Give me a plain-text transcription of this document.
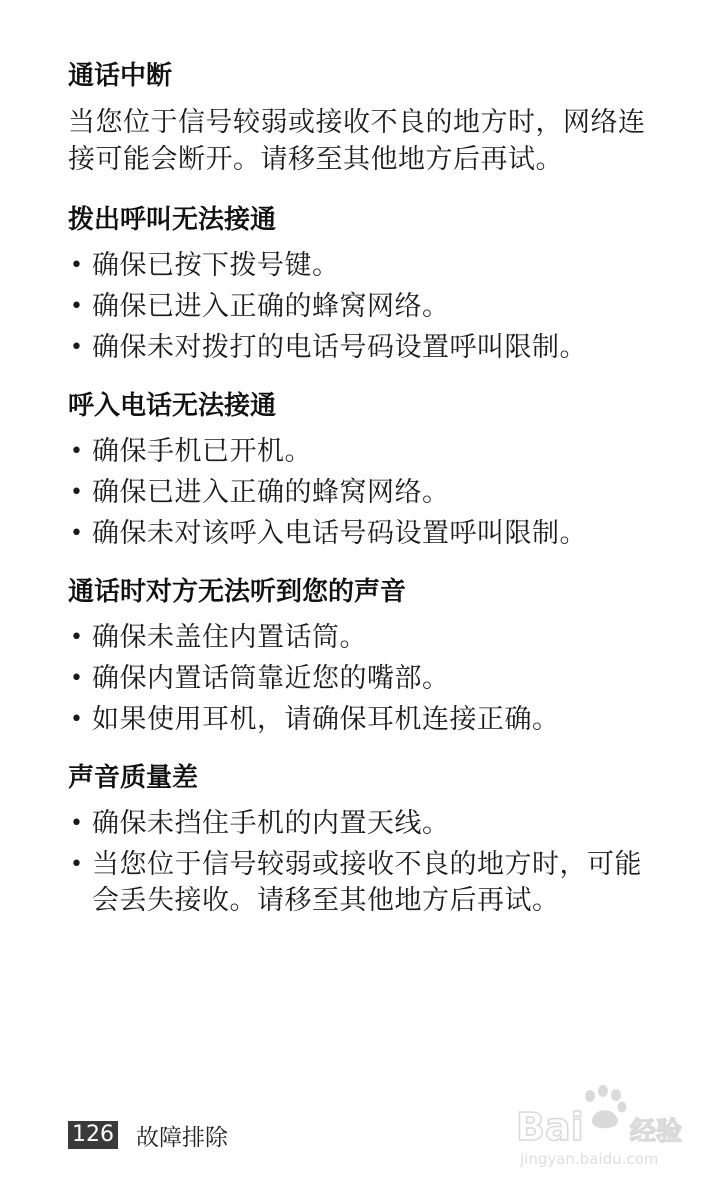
通话中断

当您位于信号较弱或接收不良的地方时，网络连接可能会断开。请移至其他地方后再试。

拨出呼叫无法接通
• 确保已按下拨号键。
• 确保已进入正确的蜂窝网络。
• 确保未对拨打的电话号码设置呼叫限制。
呼入电话无法接通
• 确保手机已开机。
• 确保已进入正确的蜂窝网络。
• 确保未对该呼入电话号码设置呼叫限制。
通话时对方无法听到您的声音
• 确保未盖住内置话筒。
• 确保内置话筒靠近您的嘴部。
• 如果使用耳机，请确保耳机连接正确。
声音质量差
• 确保未挡住手机的内置天线。
• 当您位于信号较弱或接收不良的地方时，可能会丢失接收。请移至其他地方后再试。
126 故障排除	Bai 经验
jingyan.baidu.com
